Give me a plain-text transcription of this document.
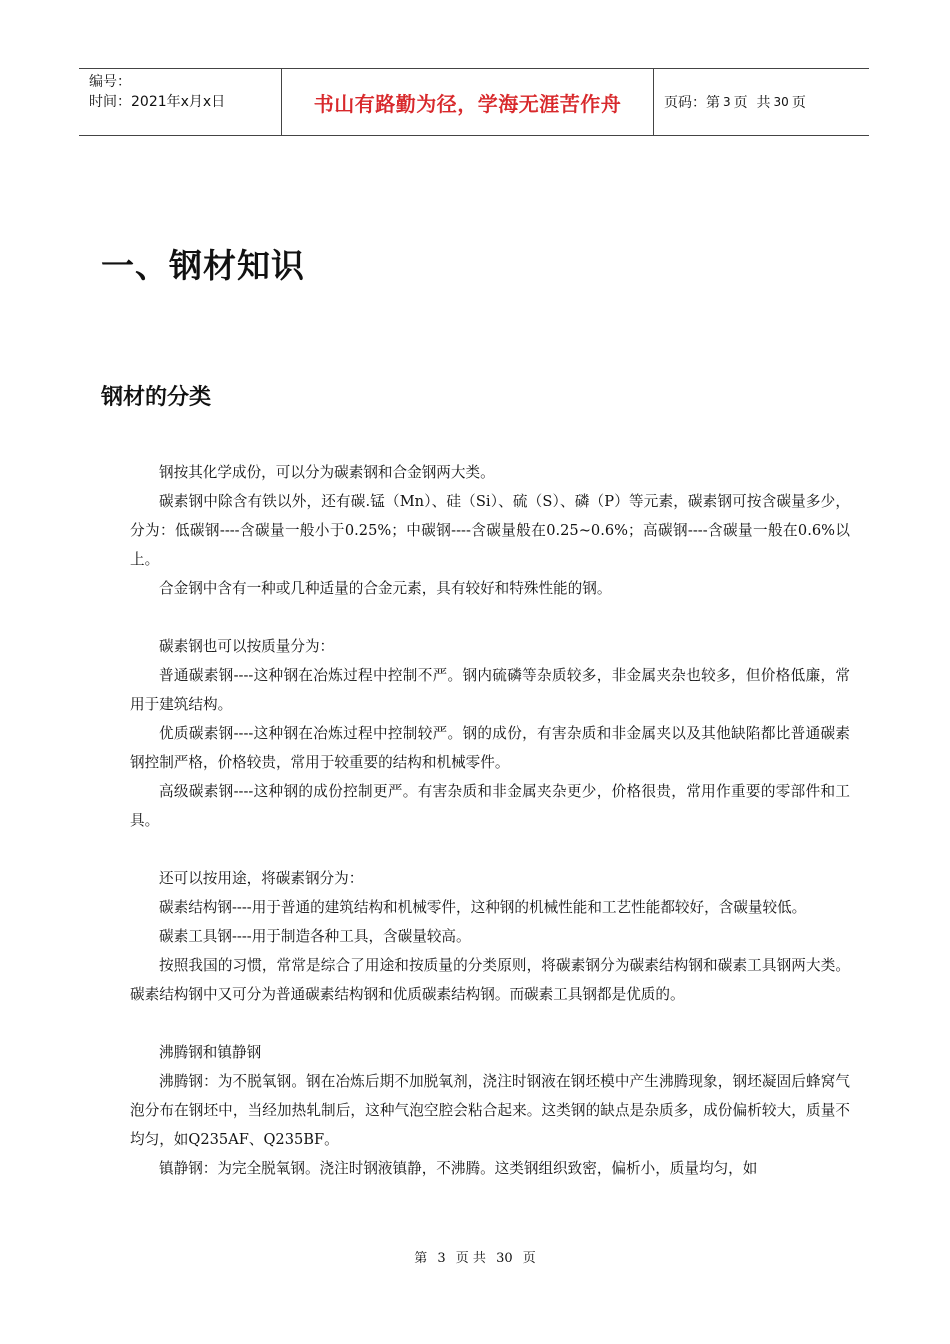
编号：
时间：2021年x月x日	书山有路勤为径，学海无涯苦作舟	页码：第 3 页  共 30 页
一、钢材知识
钢材的分类

钢按其化学成份，可以分为碳素钢和合金钢两大类。

碳素钢中除含有铁以外，还有碳.锰（Mn）、硅（Si）、硫（S）、磷（P）等元素，碳素钢可按含碳量多少，分为：低碳钢----含碳量一般小于0.25%；中碳钢----含碳量般在0.25~0.6%；高碳钢----含碳量一般在0.6%以上。

合金钢中含有一种或几种适量的合金元素，具有较好和特殊性能的钢。

碳素钢也可以按质量分为：

普通碳素钢----这种钢在冶炼过程中控制不严。钢内硫磷等杂质较多，非金属夹杂也较多，但价格低廉，常用于建筑结构。

优质碳素钢----这种钢在冶炼过程中控制较严。钢的成份，有害杂质和非金属夹以及其他缺陷都比普通碳素钢控制严格，价格较贵，常用于较重要的结构和机械零件。

高级碳素钢----这种钢的成份控制更严。有害杂质和非金属夹杂更少，价格很贵，常用作重要的零部件和工具。

还可以按用途，将碳素钢分为：

碳素结构钢----用于普通的建筑结构和机械零件，这种钢的机械性能和工艺性能都较好，含碳量较低。

碳素工具钢----用于制造各种工具，含碳量较高。

按照我国的习惯，常常是综合了用途和按质量的分类原则，将碳素钢分为碳素结构钢和碳素工具钢两大类。碳素结构钢中又可分为普通碳素结构钢和优质碳素结构钢。而碳素工具钢都是优质的。

沸腾钢和镇静钢

沸腾钢：为不脱氧钢。钢在冶炼后期不加脱氧剂，浇注时钢液在钢坯模中产生沸腾现象，钢坯凝固后蜂窝气泡分布在钢坯中，当经加热轧制后，这种气泡空腔会粘合起来。这类钢的缺点是杂质多，成份偏析较大，质量不均匀，如Q235AF、Q235BF。

镇静钢：为完全脱氧钢。浇注时钢液镇静，不沸腾。这类钢组织致密，偏析小，质量均匀，如

第 3 页 共 30 页
